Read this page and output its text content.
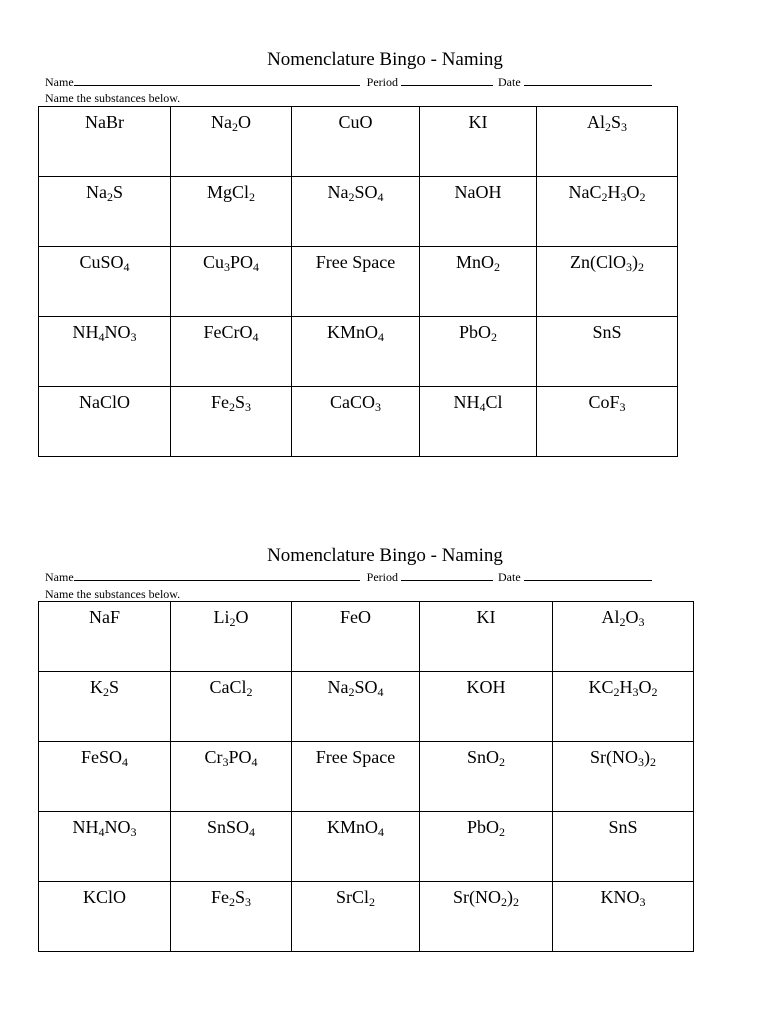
Nomenclature Bingo - Naming
Name	Period	Date
Name the substances below.
NaBr	$Na_2O$	CuO	KI	$Al_2S_3$
$Na_2S$	MgCl$_2$	$Na_2SO_4$	NaOH	$NaC_2H_3O_2$
CuSO$_4$	$Cu_3PO_4$	Free Space	MnO$_2$	$Zn(ClO_3)_2$
$NH_4NO_3$	FeCrO$_4$	KMnO$_4$	PbO$_2$	SnS
NaClO	$Fe_2S_3$	CaCO$_3$	$NH_4Cl$	CoF$_3$
Nomenclature Bingo - Naming
Name	Period	Date
Name the substances below.
NaF	$Li_2O$	FeO	KI	$Al_2O_3$
$K_2S$	CaCl$_2$	$Na_2SO_4$	KOH	$KC_2H_3O_2$
FeSO$_4$	$Cr_3PO_4$	Free Space	SnO$_2$	$Sr(NO_3)_2$
$NH_4NO_3$	SnSO$_4$	KMnO$_4$	PbO$_2$	SnS
KClO	$Fe_2S_3$	SrCl$_2$	$Sr(NO_2)_2$	$KNO_3$
